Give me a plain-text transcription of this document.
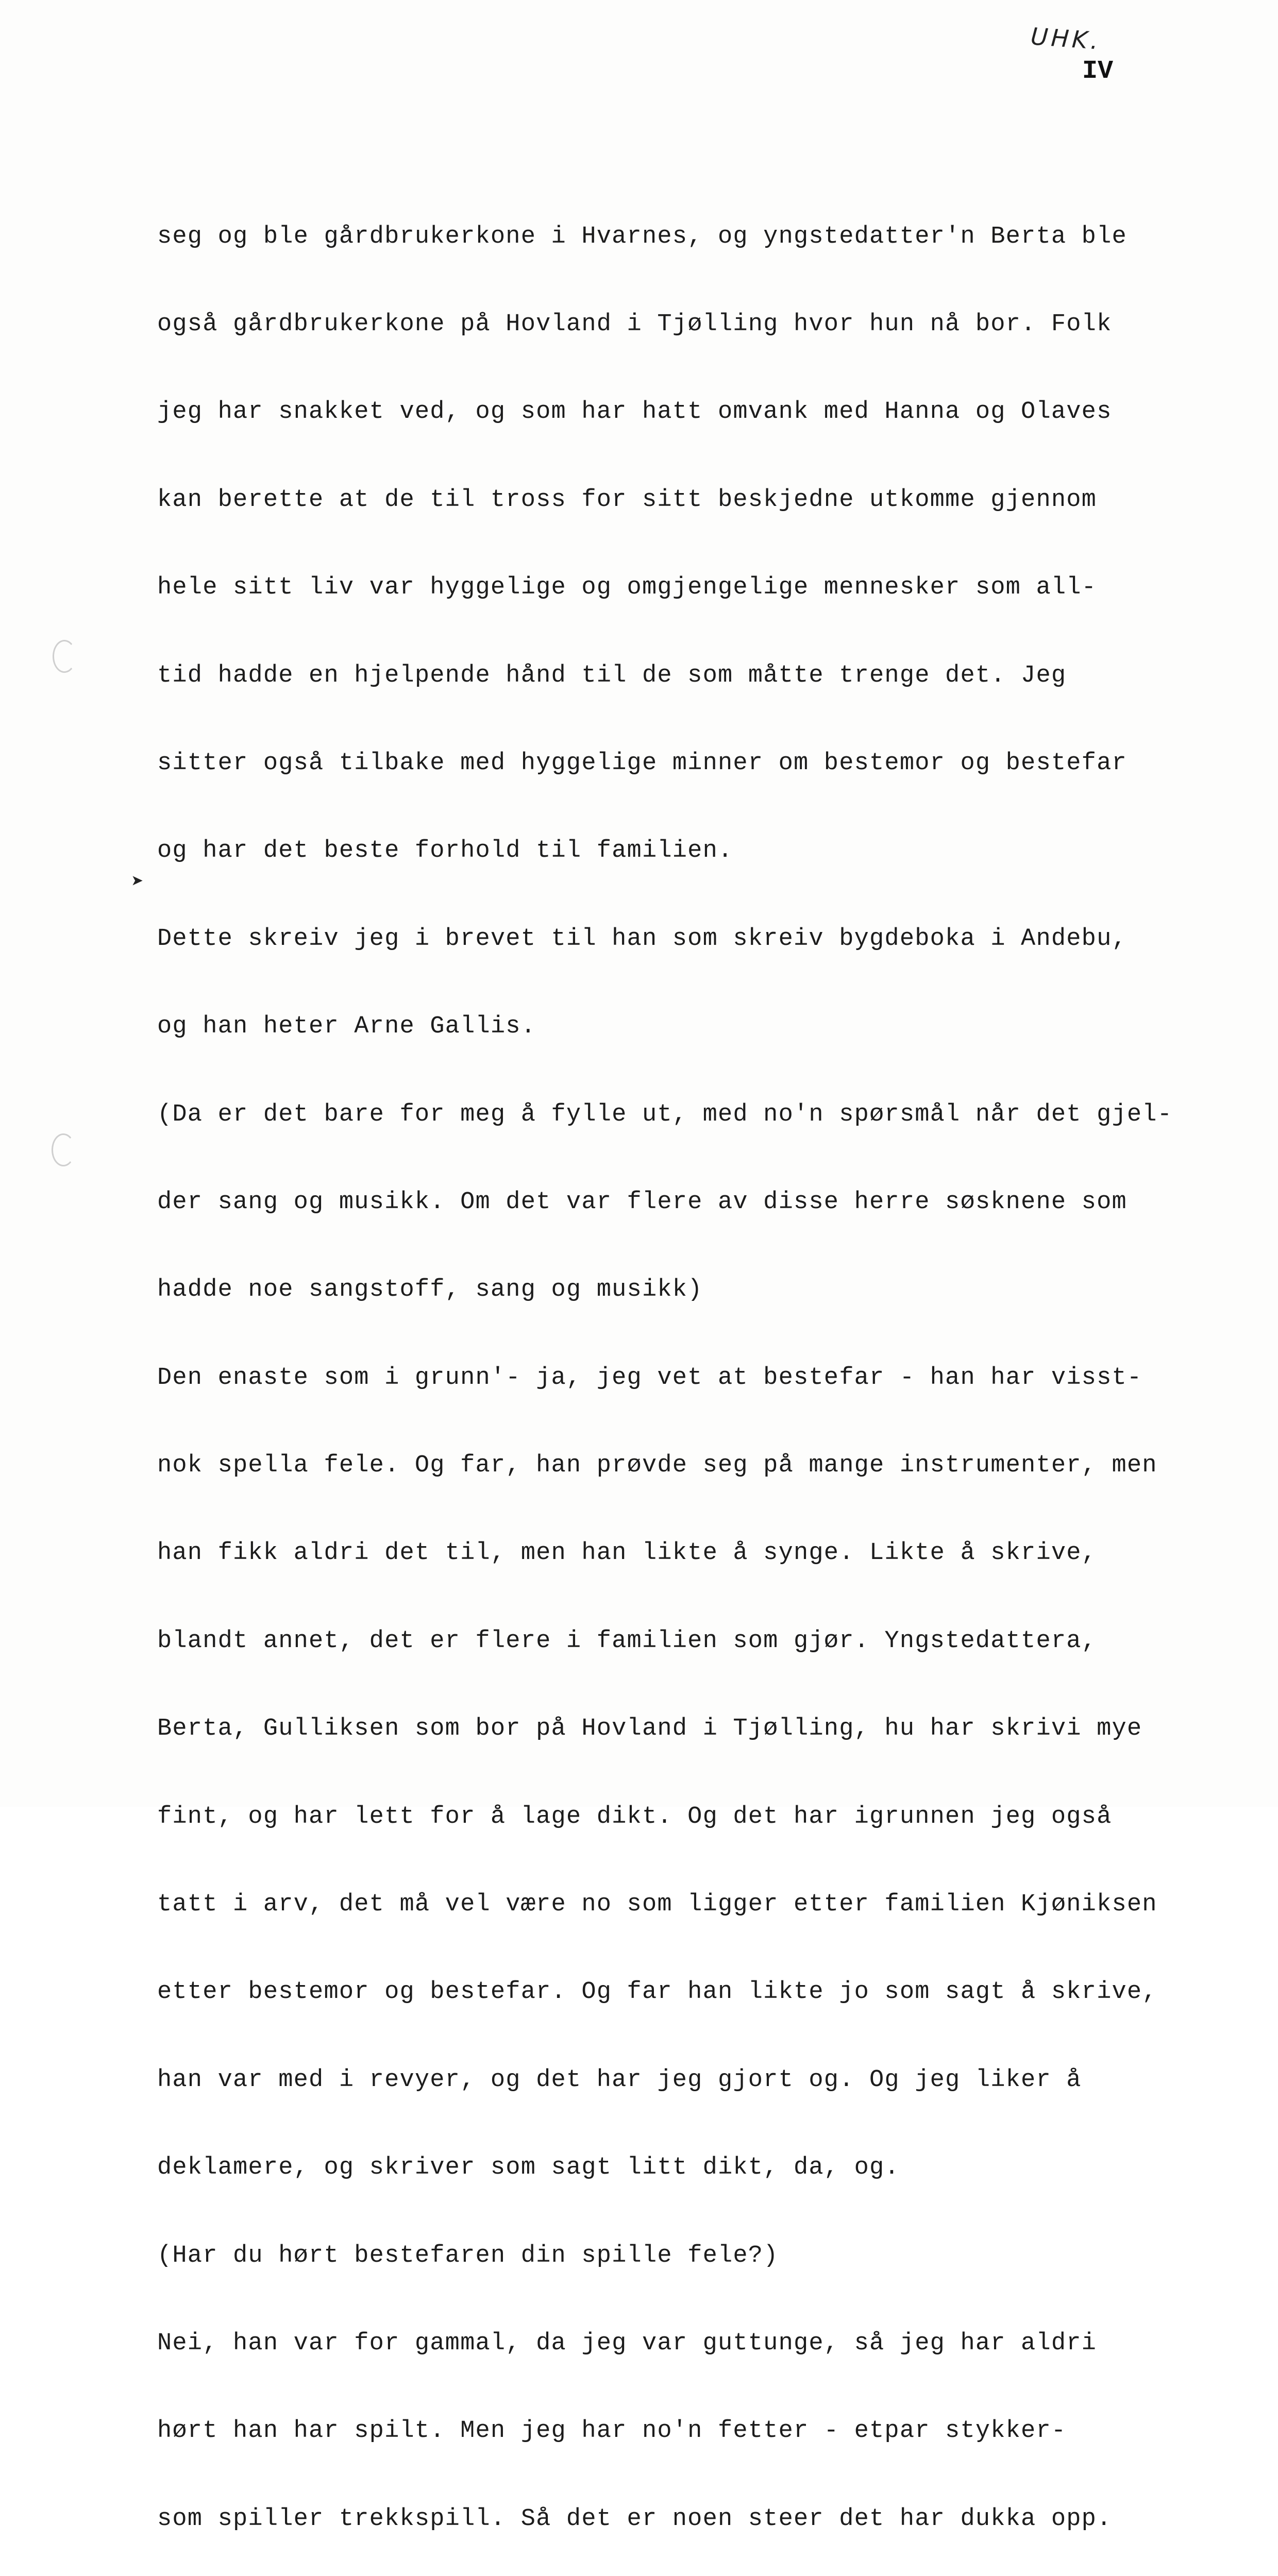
UHK.
IV
➤

seg og ble gårdbrukerkone i Hvarnes, og yngstedatter'n Berta ble

også gårdbrukerkone på Hovland i Tjølling hvor hun nå bor. Folk

jeg har snakket ved, og som har hatt omvank med Hanna og Olaves

kan berette at de til tross for sitt beskjedne utkomme gjennom

hele sitt liv var hyggelige og omgjengelige mennesker som all-

tid hadde en hjelpende hånd til de som måtte trenge det. Jeg

sitter også tilbake med hyggelige minner om bestemor og bestefar

og har det beste forhold til familien.

Dette skreiv jeg i brevet til han som skreiv bygdeboka i Andebu,

og han heter Arne Gallis.

(Da er det bare for meg å fylle ut, med no'n spørsmål når det gjel-

der sang og musikk. Om det var flere av disse herre søsknene som

hadde noe sangstoff, sang og musikk)

Den enaste som i grunn'- ja, jeg vet at bestefar - han har visst-

nok spella fele. Og far, han prøvde seg på mange instrumenter, men

han fikk aldri det til, men han likte å synge. Likte å skrive,

blandt annet, det er flere i familien som gjør. Yngstedattera,

Berta, Gulliksen som bor på Hovland i Tjølling, hu har skrivi mye

fint, og har lett for å lage dikt. Og det har igrunnen jeg også

tatt i arv, det må vel være no som ligger etter familien Kjøniksen

etter bestemor og bestefar. Og far han likte jo som sagt å skrive,

han var med i revyer, og det har jeg gjort og. Og jeg liker å

deklamere, og skriver som sagt litt dikt, da, og.

(Har du hørt bestefaren din spille fele?)

Nei, han var for gammal, da jeg var guttunge, så jeg har aldri

hørt han har spilt. Men jeg har no'n fetter - etpar stykker-

som spiller trekkspill. Så det er noen steer det har dukka opp.
